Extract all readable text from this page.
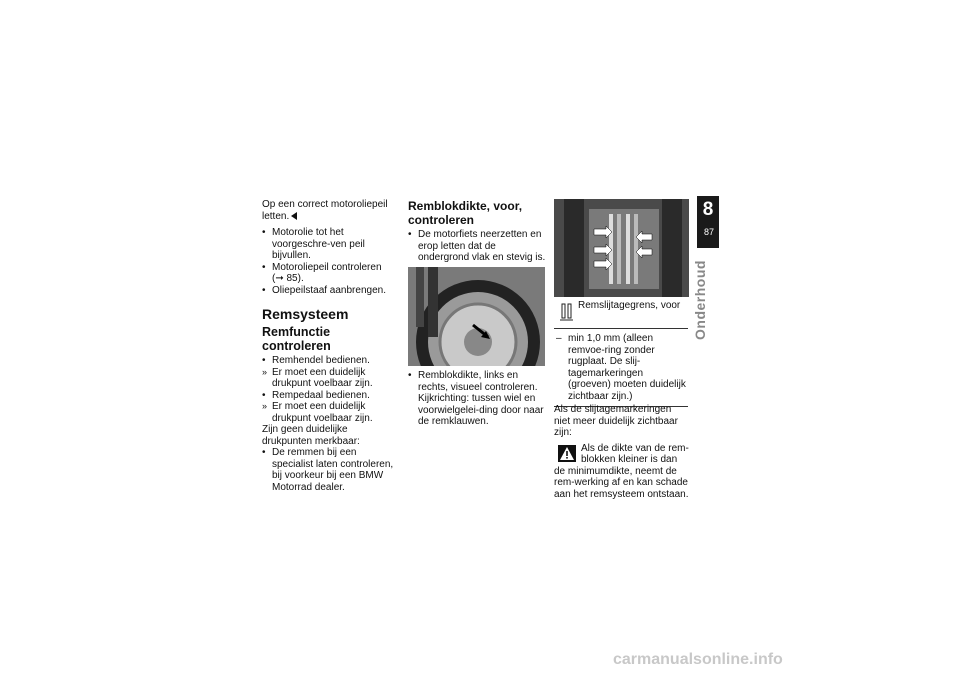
Op een correct motoroliepeil letten.

• Motorolie tot het voorgeschre-ven peil bijvullen.

• Motoroliepeil controleren

(➞ 85).

• Oliepeilstaaf aanbrengen.

Remsysteem
Remfunctie controleren

• Remhendel bedienen.

» Er moet een duidelijk drukpunt voelbaar zijn.

• Rempedaal bedienen.

» Er moet een duidelijk drukpunt voelbaar zijn.

Zijn geen duidelijke drukpunten merkbaar:

• De remmen bij een specialist laten controleren, bij voorkeur bij een BMW Motorrad dealer.

Remblokdikte, voor, controleren

• De motorfiets neerzetten en erop letten dat de ondergrond vlak en stevig is.

• Remblokdikte, links en rechts, visueel controleren. Kijkrichting: tussen wiel en voorwielgelei-ding door naar de remklauwen.

Remslijtagegrens, voor
– min 1,0 mm (alleen remvoe-ring zonder rugplaat. De slij-tagemarkeringen (groeven) moeten duidelijk zichtbaar zijn.)

Als de slijtagemarkeringen niet meer duidelijk zichtbaar zijn:

Als de dikte van de rem-blokken kleiner is dan de minimumdikte, neemt de rem-werking af en kan schade aan het remsysteem ontstaan.

8
87
Onderhoud
carmanualsonline.info
